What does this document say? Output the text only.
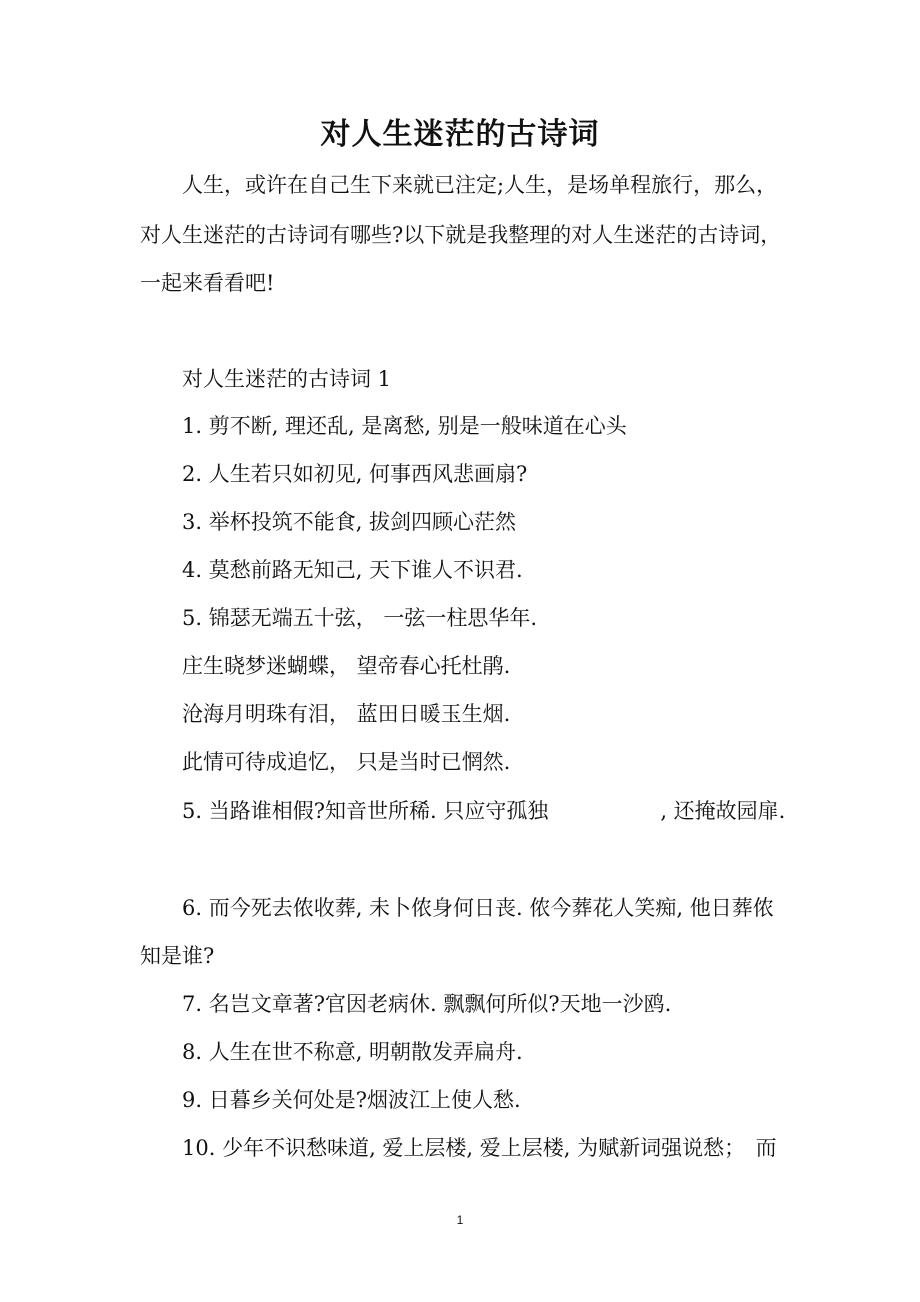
对人生迷茫的古诗词
人生，或许在自己生下来就已注定;人生，是场单程旅行，那么，
对人生迷茫的古诗词有哪些?以下就是我整理的对人生迷茫的古诗词，
一起来看看吧!
对人生迷茫的古诗词 1
1. 剪不断, 理还乱, 是离愁, 别是一般味道在心头
2. 人生若只如初见, 何事西风悲画扇?
3. 举杯投筑不能食, 拔剑四顾心茫然
4. 莫愁前路无知己, 天下谁人不识君.
5. 锦瑟无端五十弦， 一弦一柱思华年.
庄生晓梦迷蝴蝶， 望帝春心托杜鹃.
沧海月明珠有泪， 蓝田日暖玉生烟.
此情可待成追忆， 只是当时已惘然.
5. 当路谁相假?知音世所稀. 只应守孤独	, 还掩故园扉.
6. 而今死去侬收葬, 未卜侬身何日丧. 侬今葬花人笑痴, 他日葬侬
知是谁?
7. 名岂文章著?官因老病休. 飘飘何所似?天地一沙鸥.
8. 人生在世不称意, 明朝散发弄扁舟.
9. 日暮乡关何处是?烟波江上使人愁.
10. 少年不识愁味道, 爱上层楼, 爱上层楼, 为赋新词强说愁；　而
1
